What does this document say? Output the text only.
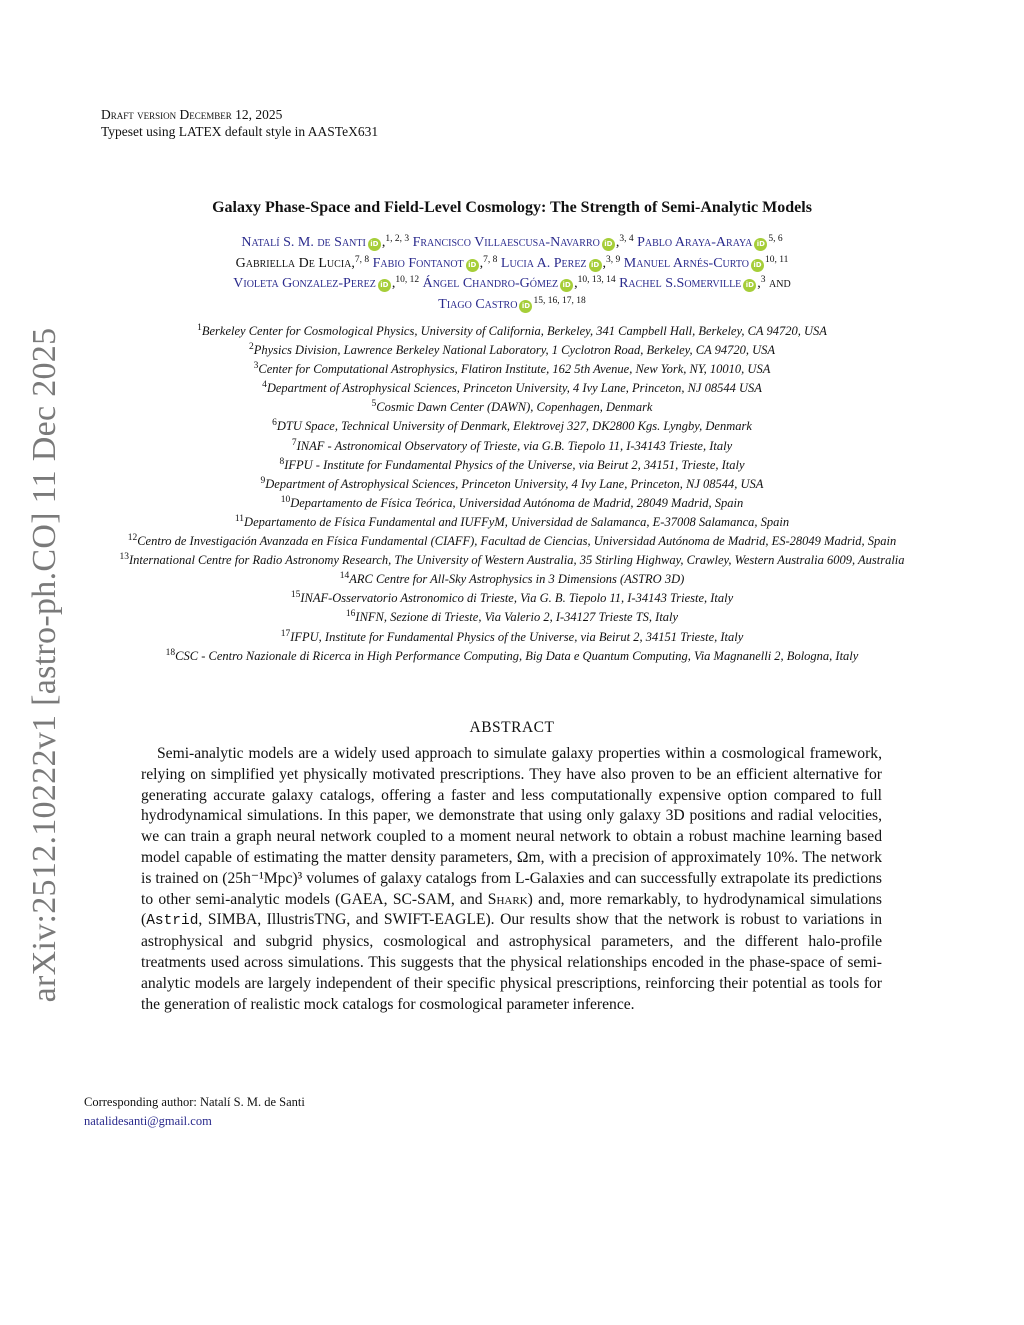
arXiv:2512.10222v1 [astro-ph.CO] 11 Dec 2025
Draft version December 12, 2025
Typeset using LATEX default style in AASTeX631
Galaxy Phase-Space and Field-Level Cosmology: The Strength of Semi-Analytic Models
Natalí S. M. de Santi iD ,$^{1, 2, 3}$ Francisco Villaescusa-Navarro iD ,$^{3, 4}$ Pablo Araya-Araya iD $^{5, 6}$
Gabriella De Lucia,$^{7, 8}$ Fabio Fontanot iD ,$^{7, 8}$ Lucia A. Perez iD ,$^{3, 9}$ Manuel Arnés-Curto iD $^{10, 11}$
Violeta Gonzalez-Perez iD ,$^{10, 12}$ Ángel Chandro-Gómez iD ,$^{10, 13, 14}$ Rachel S.Somerville iD ,$^3$ and
Tiago Castro iD $^{15, 16, 17, 18}$
$^1$Berkeley Center for Cosmological Physics, University of California, Berkeley, 341 Campbell Hall, Berkeley, CA 94720, USA
$^2$Physics Division, Lawrence Berkeley National Laboratory, 1 Cyclotron Road, Berkeley, CA 94720, USA
$^3$Center for Computational Astrophysics, Flatiron Institute, 162 5th Avenue, New York, NY, 10010, USA
$^4$Department of Astrophysical Sciences, Princeton University, 4 Ivy Lane, Princeton, NJ 08544 USA
$^5$Cosmic Dawn Center (DAWN), Copenhagen, Denmark
$^6$DTU Space, Technical University of Denmark, Elektrovej 327, DK2800 Kgs. Lyngby, Denmark
$^7$INAF - Astronomical Observatory of Trieste, via G.B. Tiepolo 11, I-34143 Trieste, Italy
$^8$IFPU - Institute for Fundamental Physics of the Universe, via Beirut 2, 34151, Trieste, Italy
$^9$Department of Astrophysical Sciences, Princeton University, 4 Ivy Lane, Princeton, NJ 08544, USA
$^{10}$Departamento de Física Teórica, Universidad Autónoma de Madrid, 28049 Madrid, Spain
$^{11}$Departamento de Física Fundamental and IUFFyM, Universidad de Salamanca, E-37008 Salamanca, Spain
$^{12}$Centro de Investigación Avanzada en Física Fundamental (CIAFF), Facultad de Ciencias, Universidad Autónoma de Madrid, ES-28049 Madrid, Spain
$^{13}$International Centre for Radio Astronomy Research, The University of Western Australia, 35 Stirling Highway, Crawley, Western Australia 6009, Australia
$^{14}$ARC Centre for All-Sky Astrophysics in 3 Dimensions (ASTRO 3D)
$^{15}$INAF-Osservatorio Astronomico di Trieste, Via G. B. Tiepolo 11, I-34143 Trieste, Italy
$^{16}$INFN, Sezione di Trieste, Via Valerio 2, I-34127 Trieste TS, Italy
$^{17}$IFPU, Institute for Fundamental Physics of the Universe, via Beirut 2, 34151 Trieste, Italy
$^{18}$CSC - Centro Nazionale di Ricerca in High Performance Computing, Big Data e Quantum Computing, Via Magnanelli 2, Bologna, Italy
ABSTRACT
Semi-analytic models are a widely used approach to simulate galaxy properties within a cosmological framework, relying on simplified yet physically motivated prescriptions. They have also proven to be an efficient alternative for generating accurate galaxy catalogs, offering a faster and less computationally expensive option compared to full hydrodynamical simulations. In this paper, we demonstrate that using only galaxy 3D positions and radial velocities, we can train a graph neural network coupled to a moment neural network to obtain a robust machine learning based model capable of estimating the matter density parameters, Ωm, with a precision of approximately 10%. The network is trained on (25h⁻¹Mpc)³ volumes of galaxy catalogs from L-Galaxies and can successfully extrapolate its predictions to other semi-analytic models (GAEA, SC-SAM, and Shark) and, more remarkably, to hydrodynamical simulations (Astrid, SIMBA, IllustrisTNG, and SWIFT-EAGLE). Our results show that the network is robust to variations in astrophysical and subgrid physics, cosmological and astrophysical parameters, and the different halo-profile treatments used across simulations. This suggests that the physical relationships encoded in the phase-space of semi-analytic models are largely independent of their specific physical prescriptions, reinforcing their potential as tools for the generation of realistic mock catalogs for cosmological parameter inference.
Corresponding author: Natalí S. M. de Santi
natalidesanti@gmail.com
